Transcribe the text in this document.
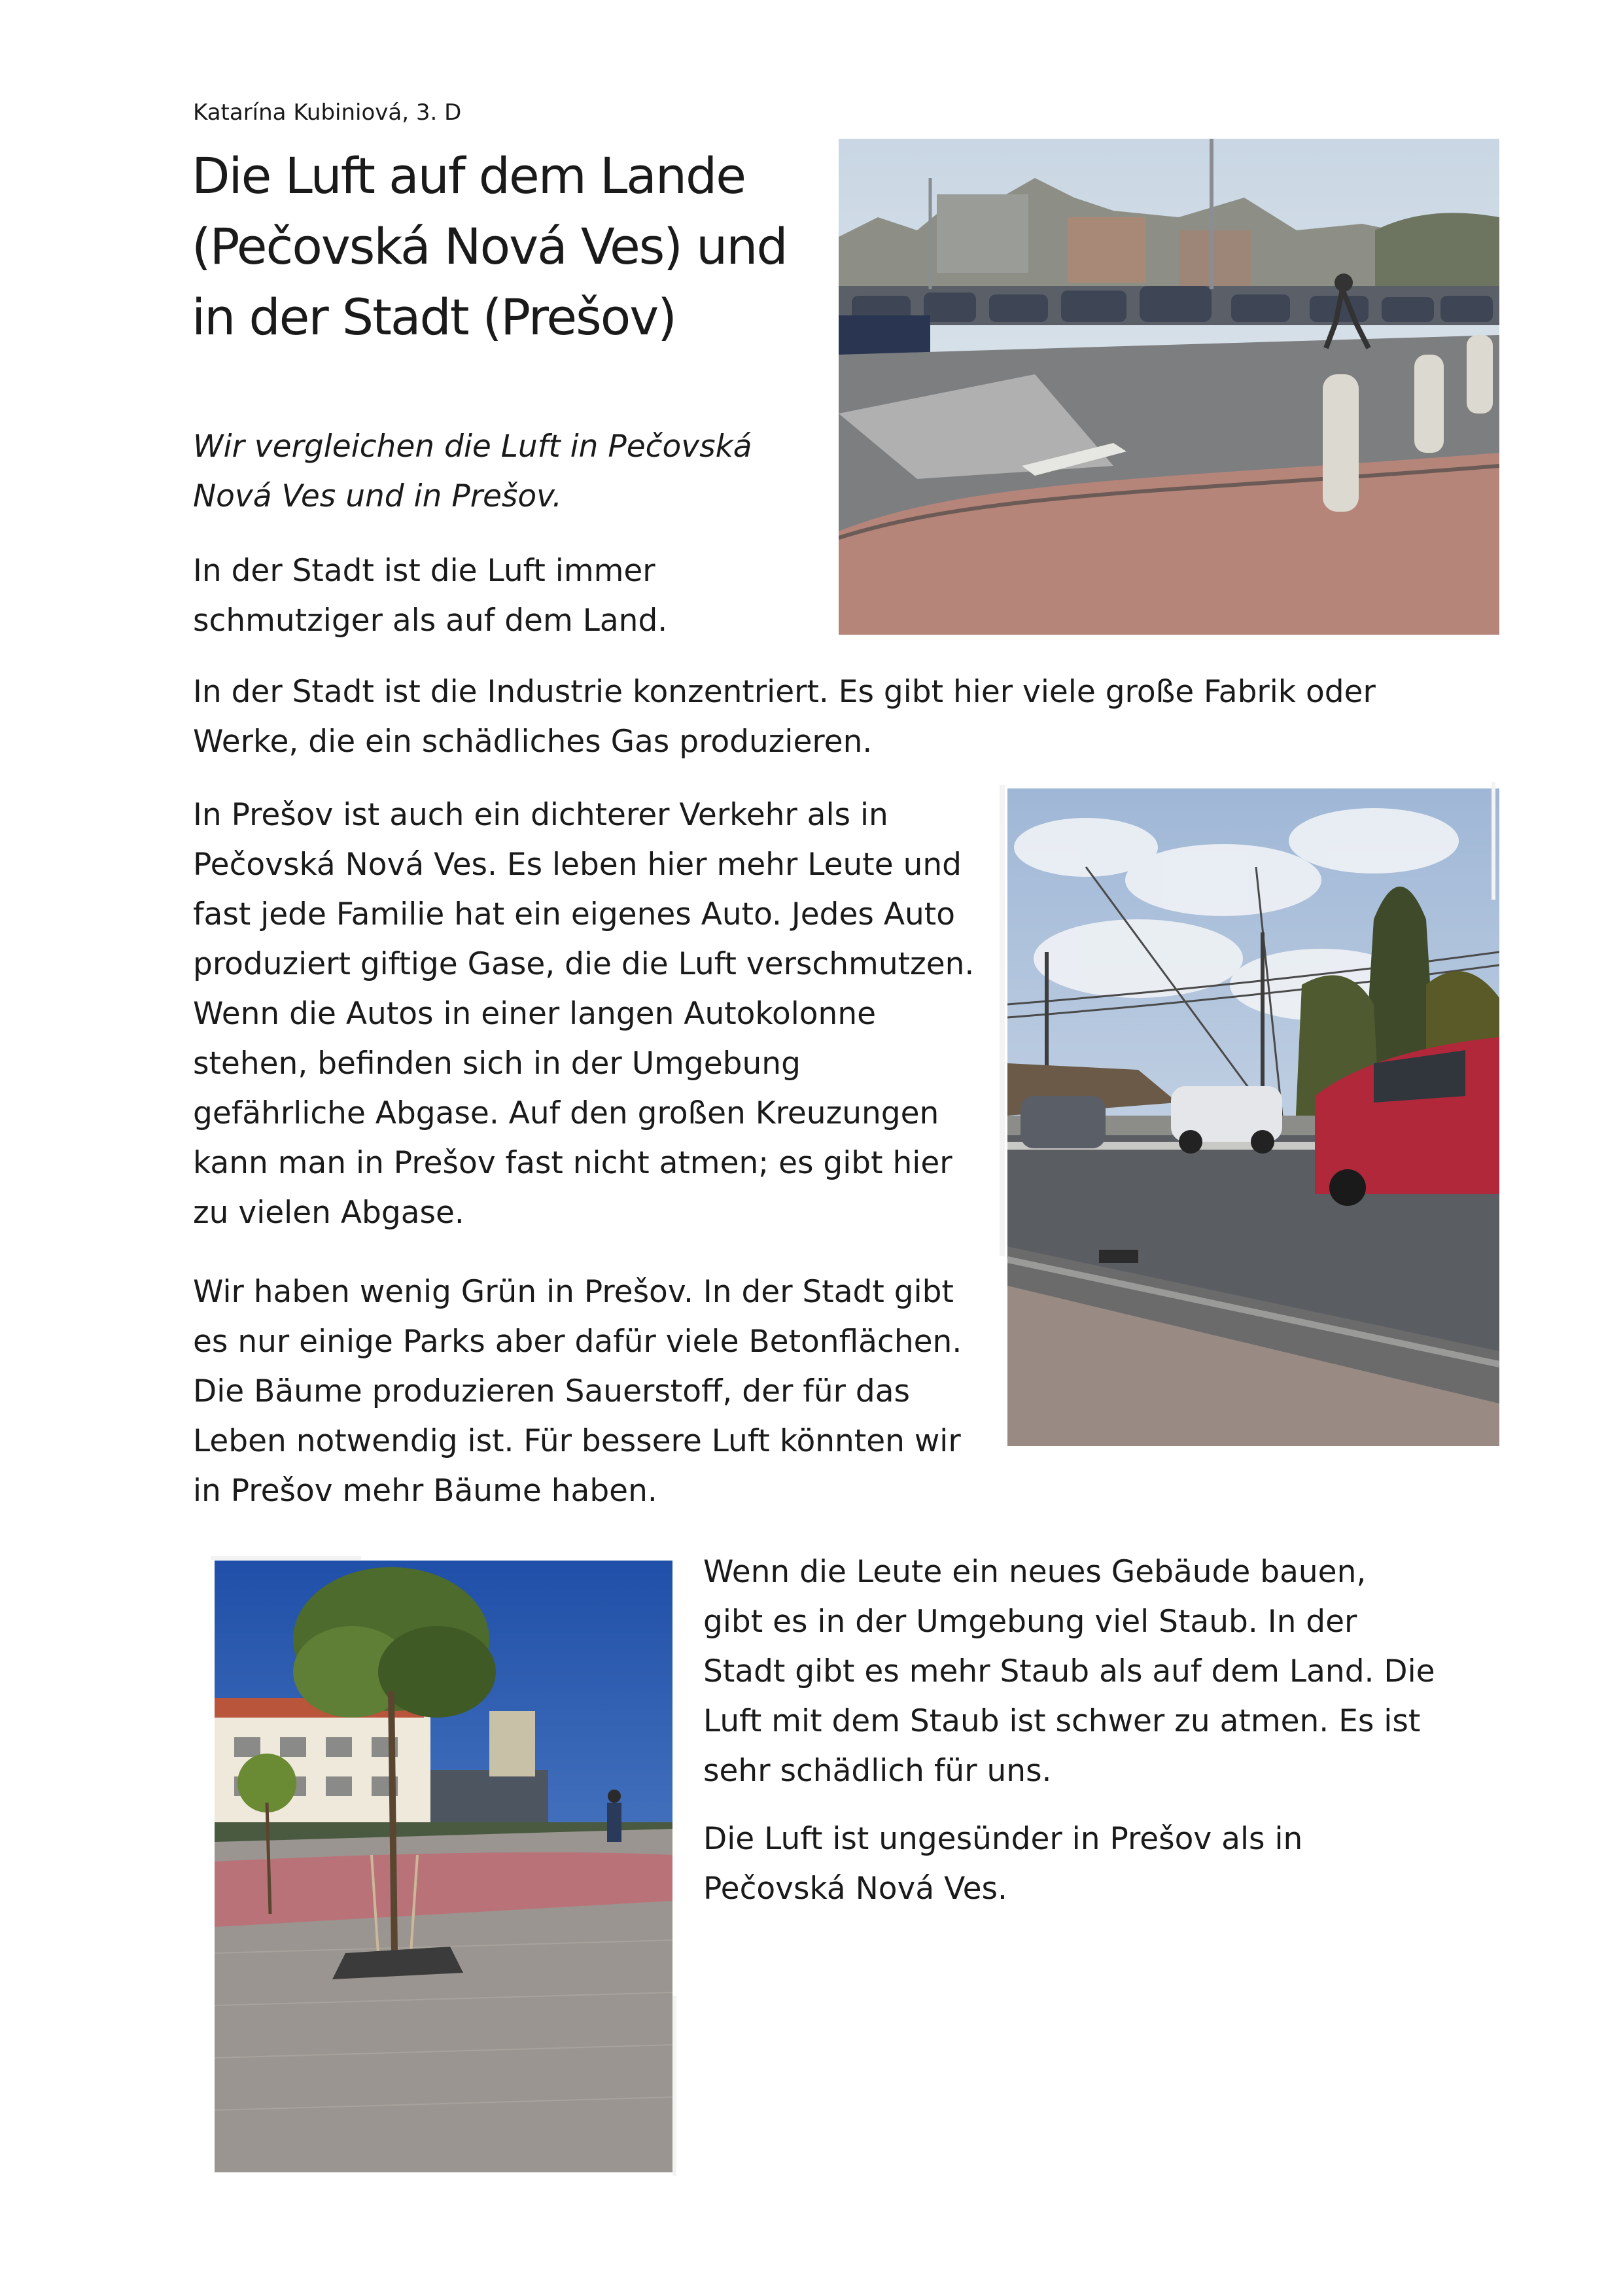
Katarína Kubiniová, 3. D
Die Luft auf dem Lande
(Pečovská Nová Ves) und
in der Stadt (Prešov)

Wir vergleichen die Luft in Pečovská
Nová Ves und in Prešov.

In der Stadt ist die Luft immer
schmutziger als auf dem Land.

In der Stadt ist die Industrie konzentriert. Es gibt hier viele große Fabrik oder
Werke, die ein schädliches Gas produzieren.

In Prešov ist auch ein dichterer Verkehr als in
Pečovská Nová Ves. Es leben hier mehr Leute und
fast jede Familie hat ein eigenes Auto. Jedes Auto
produziert giftige Gase, die die Luft verschmutzen.
Wenn die Autos in einer langen Autokolonne
stehen, befinden sich in der Umgebung
gefährliche Abgase. Auf den großen Kreuzungen
kann man in Prešov fast nicht atmen; es gibt hier
zu vielen Abgase.

Wir haben wenig Grün in Prešov. In der Stadt gibt
es nur einige Parks aber dafür viele Betonflächen.
Die Bäume produzieren Sauerstoff, der für das
Leben notwendig ist. Für bessere Luft könnten wir
in Prešov mehr Bäume haben.

Wenn die Leute ein neues Gebäude bauen,
gibt es in der Umgebung viel Staub. In der
Stadt gibt es mehr Staub als auf dem Land. Die
Luft mit dem Staub ist schwer zu atmen. Es ist
sehr schädlich für uns.

Die Luft ist ungesünder in Prešov als in
Pečovská Nová Ves.
